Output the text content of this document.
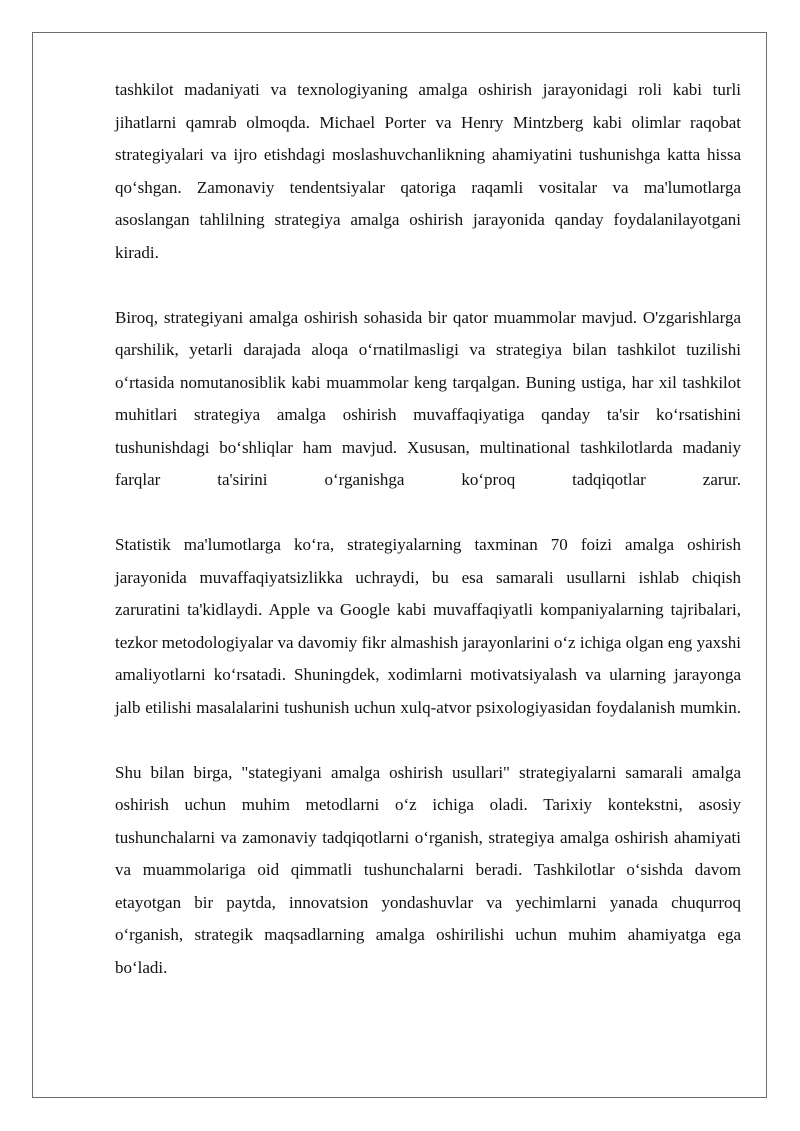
tashkilot madaniyati va texnologiyaning amalga oshirish jarayonidagi roli kabi turli jihatlarni qamrab olmoqda. Michael Porter va Henry Mintzberg kabi olimlar raqobat strategiyalari va ijro etishdagi moslashuvchanlikning ahamiyatini tushunishga katta hissa qo‘shgan. Zamonaviy tendentsiyalar qatoriga raqamli vositalar va ma'lumotlarga asoslangan tahlilning strategiya amalga oshirish jarayonida qanday foydalanilayotgani kiradi.

Biroq, strategiyani amalga oshirish sohasida bir qator muammolar mavjud. O'zgarishlarga qarshilik, yetarli darajada aloqa o‘rnatilmasligi va strategiya bilan tashkilot tuzilishi o‘rtasida nomutanosiblik kabi muammolar keng tarqalgan. Buning ustiga, har xil tashkilot muhitlari strategiya amalga oshirish muvaffaqiyatiga qanday ta'sir ko‘rsatishini tushunishdagi bo‘shliqlar ham mavjud. Xususan, multinational tashkilotlarda madaniy farqlar ta'sirini o‘rganishga ko‘proq tadqiqotlar zarur.

Statistik ma'lumotlarga ko‘ra, strategiyalarning taxminan 70 foizi amalga oshirish jarayonida muvaffaqiyatsizlikka uchraydi, bu esa samarali usullarni ishlab chiqish zaruratini ta'kidlaydi. Apple va Google kabi muvaffaqiyatli kompaniyalarning tajribalari, tezkor metodologiyalar va davomiy fikr almashish jarayonlarini o‘z ichiga olgan eng yaxshi amaliyotlarni ko‘rsatadi. Shuningdek, xodimlarni motivatsiyalash va ularning jarayonga jalb etilishi masalalarini tushunish uchun xulq-atvor psixologiyasidan foydalanish mumkin.

Shu bilan birga, "stategiyani amalga oshirish usullari" strategiyalarni samarali amalga oshirish uchun muhim metodlarni o‘z ichiga oladi. Tarixiy kontekstni, asosiy tushunchalarni va zamonaviy tadqiqotlarni o‘rganish, strategiya amalga oshirish ahamiyati va muammolariga oid qimmatli tushunchalarni beradi. Tashkilotlar o‘sishda davom etayotgan bir paytda, innovatsion yondashuvlar va yechimlarni yanada chuqurroq o‘rganish, strategik maqsadlarning amalga oshirilishi uchun muhim ahamiyatga ega bo‘ladi.
